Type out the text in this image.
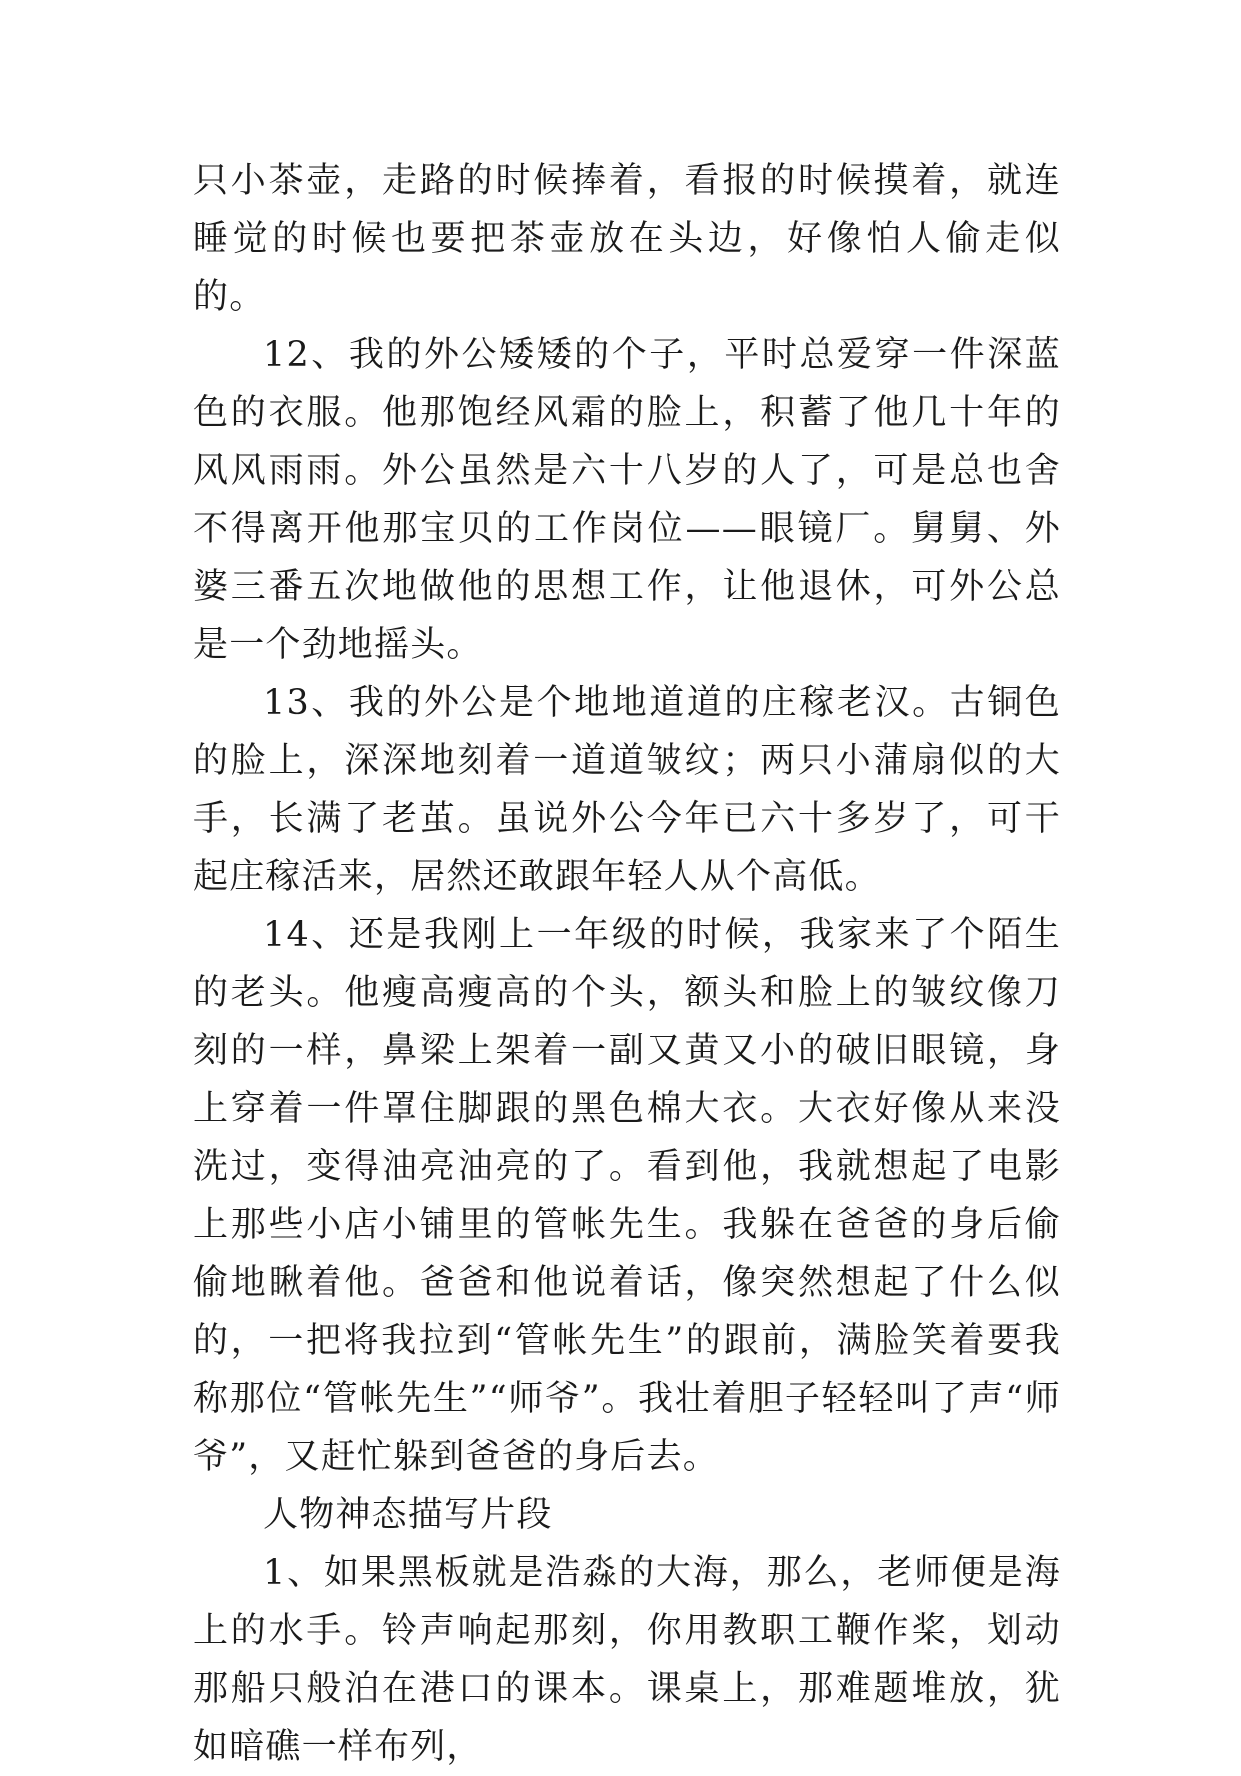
只小茶壶，走路的时候捧着，看报的时候摸着，就连睡觉的时候也要把茶壶放在头边，好像怕人偷走似的。

12、我的外公矮矮的个子，平时总爱穿一件深蓝色的衣服。他那饱经风霜的脸上，积蓄了他几十年的风风雨雨。外公虽然是六十八岁的人了，可是总也舍不得离开他那宝贝的工作岗位——眼镜厂。舅舅、外婆三番五次地做他的思想工作，让他退休，可外公总是一个劲地摇头。

13、我的外公是个地地道道的庄稼老汉。古铜色的脸上，深深地刻着一道道皱纹；两只小蒲扇似的大手，长满了老茧。虽说外公今年已六十多岁了，可干起庄稼活来，居然还敢跟年轻人从个高低。

14、还是我刚上一年级的时候，我家来了个陌生的老头。他瘦高瘦高的个头，额头和脸上的皱纹像刀刻的一样，鼻梁上架着一副又黄又小的破旧眼镜，身上穿着一件罩住脚跟的黑色棉大衣。大衣好像从来没洗过，变得油亮油亮的了。看到他，我就想起了电影上那些小店小铺里的管帐先生。我躲在爸爸的身后偷偷地瞅着他。爸爸和他说着话，像突然想起了什么似的，一把将我拉到“管帐先生”的跟前，满脸笑着要我称那位“管帐先生”“师爷”。我壮着胆子轻轻叫了声“师爷”，又赶忙躲到爸爸的身后去。

人物神态描写片段

1、如果黑板就是浩淼的大海，那么，老师便是海上的水手。铃声响起那刻，你用教职工鞭作桨，划动那船只般泊在港口的课本。课桌上，那难题堆放，犹如暗礁一样布列，
